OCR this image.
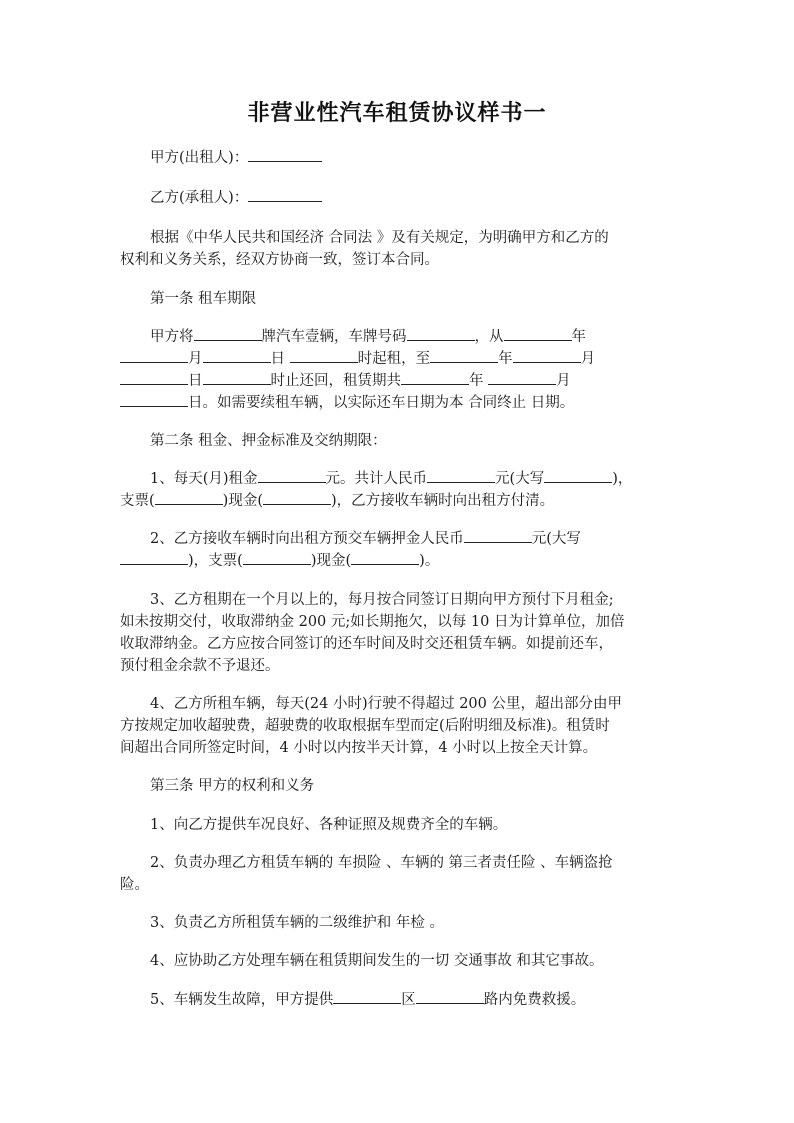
非营业性汽车租赁协议样书一
甲方(出租人)：
乙方(承租人)：
根据《中华人民共和国经济 合同法 》及有关规定，为明确甲方和乙方的
权利和义务关系，经双方协商一致，签订本合同。
第一条 租车期限
甲方将	牌汽车壹辆，车牌号码	，从	年
月	日	时起租，至	年	月
日	时止还回，租赁期共	年	月
日。如需要续租车辆，以实际还车日期为本 合同终止 日期。
第二条 租金、押金标准及交纳期限：
1、每天(月)租金	元。共计人民币	元(大写	)，
支票(	)现金(	)，乙方接收车辆时向出租方付清。
2、乙方接收车辆时向出租方预交车辆押金人民币	元(大写
)，支票(	)现金(	)。
3、乙方租期在一个月以上的，每月按合同签订日期向甲方预付下月租金;
如未按期交付，收取滞纳金 200 元;如长期拖欠，以每 10 日为计算单位，加倍
收取滞纳金。乙方应按合同签订的还车时间及时交还租赁车辆。如提前还车，
预付租金余款不予退还。
4、乙方所租车辆，每天(24 小时)行驶不得超过 200 公里，超出部分由甲
方按规定加收超驶费，超驶费的收取根据车型而定(后附明细及标准)。租赁时
间超出合同所签定时间，4 小时以内按半天计算，4 小时以上按全天计算。
第三条 甲方的权利和义务
1、向乙方提供车况良好、各种证照及规费齐全的车辆。
2、负责办理乙方租赁车辆的 车损险 、车辆的 第三者责任险 、车辆盗抢
险。
3、负责乙方所租赁车辆的二级维护和 年检 。
4、应协助乙方处理车辆在租赁期间发生的一切 交通事故 和其它事故。
5、车辆发生故障，甲方提供	区	路内免费救援。
